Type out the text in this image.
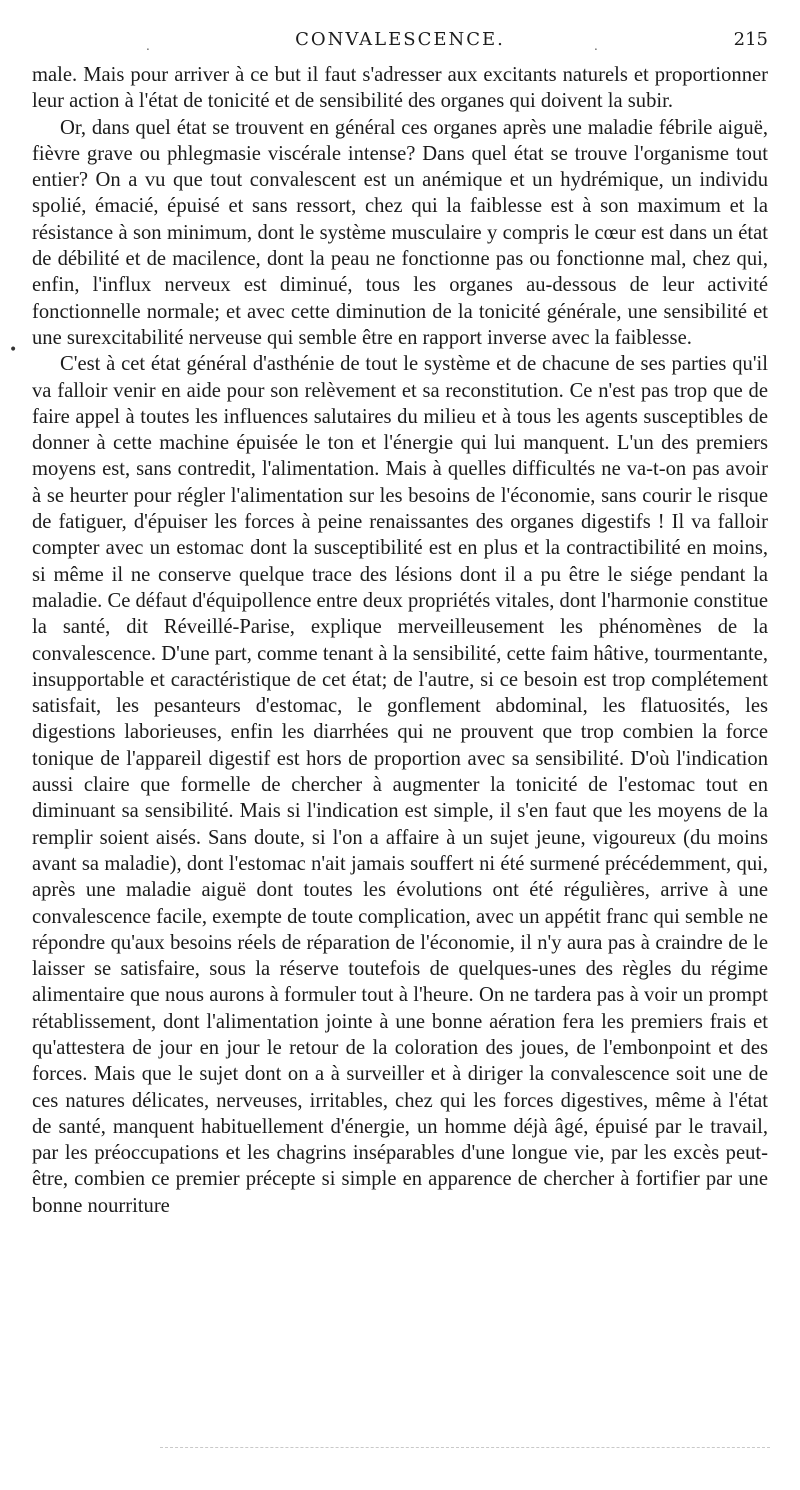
.	CONVALESCENCE.	.	215
•

male. Mais pour arriver à ce but il faut s'adresser aux excitants naturels et proportionner leur action à l'état de tonicité et de sensibilité des organes qui doivent la subir.

Or, dans quel état se trouvent en général ces organes après une maladie fébrile aiguë, fièvre grave ou phlegmasie viscérale intense? Dans quel état se trouve l'organisme tout entier? On a vu que tout convalescent est un anémique et un hydrémique, un individu spolié, émacié, épuisé et sans ressort, chez qui la faiblesse est à son maximum et la résistance à son minimum, dont le système musculaire y compris le cœur est dans un état de débilité et de macilence, dont la peau ne fonctionne pas ou fonctionne mal, chez qui, enfin, l'influx nerveux est diminué, tous les organes au-dessous de leur activité fonctionnelle normale; et avec cette diminution de la tonicité générale, une sensibilité et une surexcitabilité nerveuse qui semble être en rapport inverse avec la faiblesse.

C'est à cet état général d'asthénie de tout le système et de chacune de ses parties qu'il va falloir venir en aide pour son relèvement et sa reconstitution. Ce n'est pas trop que de faire appel à toutes les influences salutaires du milieu et à tous les agents susceptibles de donner à cette machine épuisée le ton et l'énergie qui lui manquent. L'un des premiers moyens est, sans contredit, l'alimentation. Mais à quelles difficultés ne va-t-on pas avoir à se heurter pour régler l'alimentation sur les besoins de l'économie, sans courir le risque de fatiguer, d'épuiser les forces à peine renaissantes des organes digestifs ! Il va falloir compter avec un estomac dont la susceptibilité est en plus et la contractibilité en moins, si même il ne conserve quelque trace des lésions dont il a pu être le siége pendant la maladie. Ce défaut d'équipollence entre deux propriétés vitales, dont l'harmonie constitue la santé, dit Réveillé-Parise, explique merveilleusement les phénomènes de la convalescence. D'une part, comme tenant à la sensibilité, cette faim hâtive, tourmentante, insupportable et caractéristique de cet état; de l'autre, si ce besoin est trop complétement satisfait, les pesanteurs d'estomac, le gonflement abdominal, les flatuosités, les digestions laborieuses, enfin les diarrhées qui ne prouvent que trop combien la force tonique de l'appareil digestif est hors de proportion avec sa sensibilité. D'où l'indication aussi claire que formelle de chercher à augmenter la tonicité de l'estomac tout en diminuant sa sensibilité. Mais si l'indication est simple, il s'en faut que les moyens de la remplir soient aisés. Sans doute, si l'on a affaire à un sujet jeune, vigoureux (du moins avant sa maladie), dont l'estomac n'ait jamais souffert ni été surmené précédemment, qui, après une maladie aiguë dont toutes les évolutions ont été régulières, arrive à une convalescence facile, exempte de toute complication, avec un appétit franc qui semble ne répondre qu'aux besoins réels de réparation de l'économie, il n'y aura pas à craindre de le laisser se satisfaire, sous la réserve toutefois de quelques-unes des règles du régime alimentaire que nous aurons à formuler tout à l'heure. On ne tardera pas à voir un prompt rétablissement, dont l'alimentation jointe à une bonne aération fera les premiers frais et qu'attestera de jour en jour le retour de la coloration des joues, de l'embonpoint et des forces. Mais que le sujet dont on a à surveiller et à diriger la convalescence soit une de ces natures délicates, nerveuses, irritables, chez qui les forces digestives, même à l'état de santé, manquent habituellement d'énergie, un homme déjà âgé, épuisé par le travail, par les préoccupations et les chagrins inséparables d'une longue vie, par les excès peut-être, combien ce premier précepte si simple en apparence de chercher à fortifier par une bonne nourriture
